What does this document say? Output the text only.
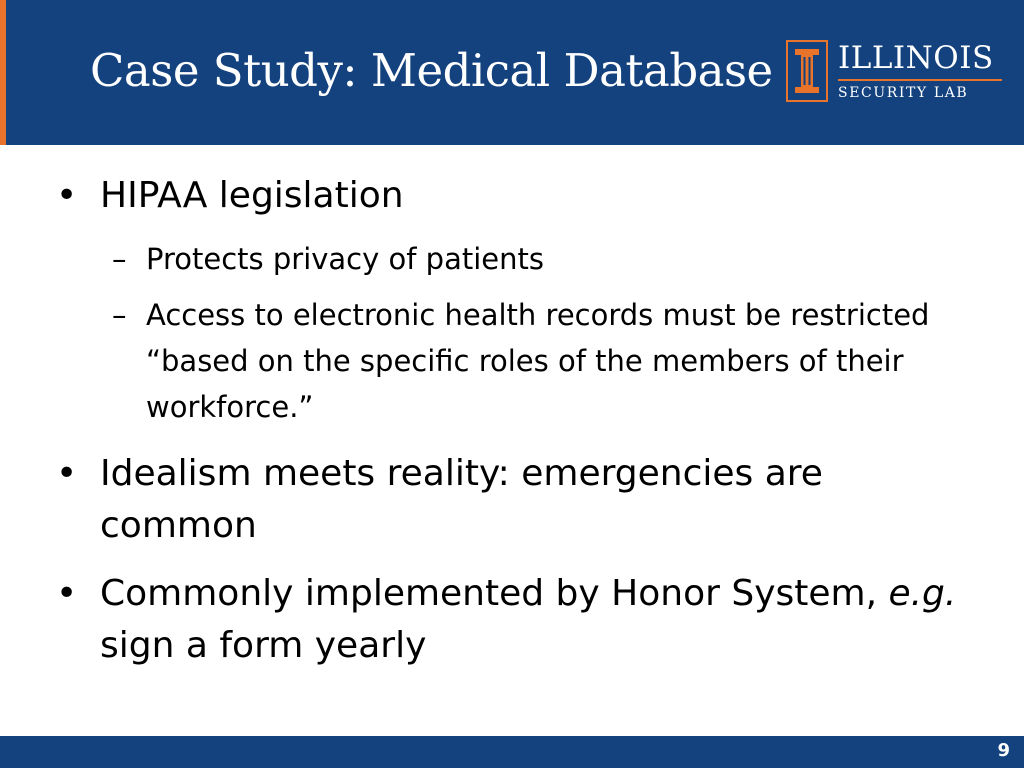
Case Study: Medical Database ILLINOIS
SECURITY LAB
• HIPAA legislation
– Protects privacy of patients
– Access to electronic health records must be restricted “based on the specific roles of the members of their workforce.”
• Idealism meets reality: emergencies are common
• Commonly implemented by Honor System, e.g. sign a form yearly
9
